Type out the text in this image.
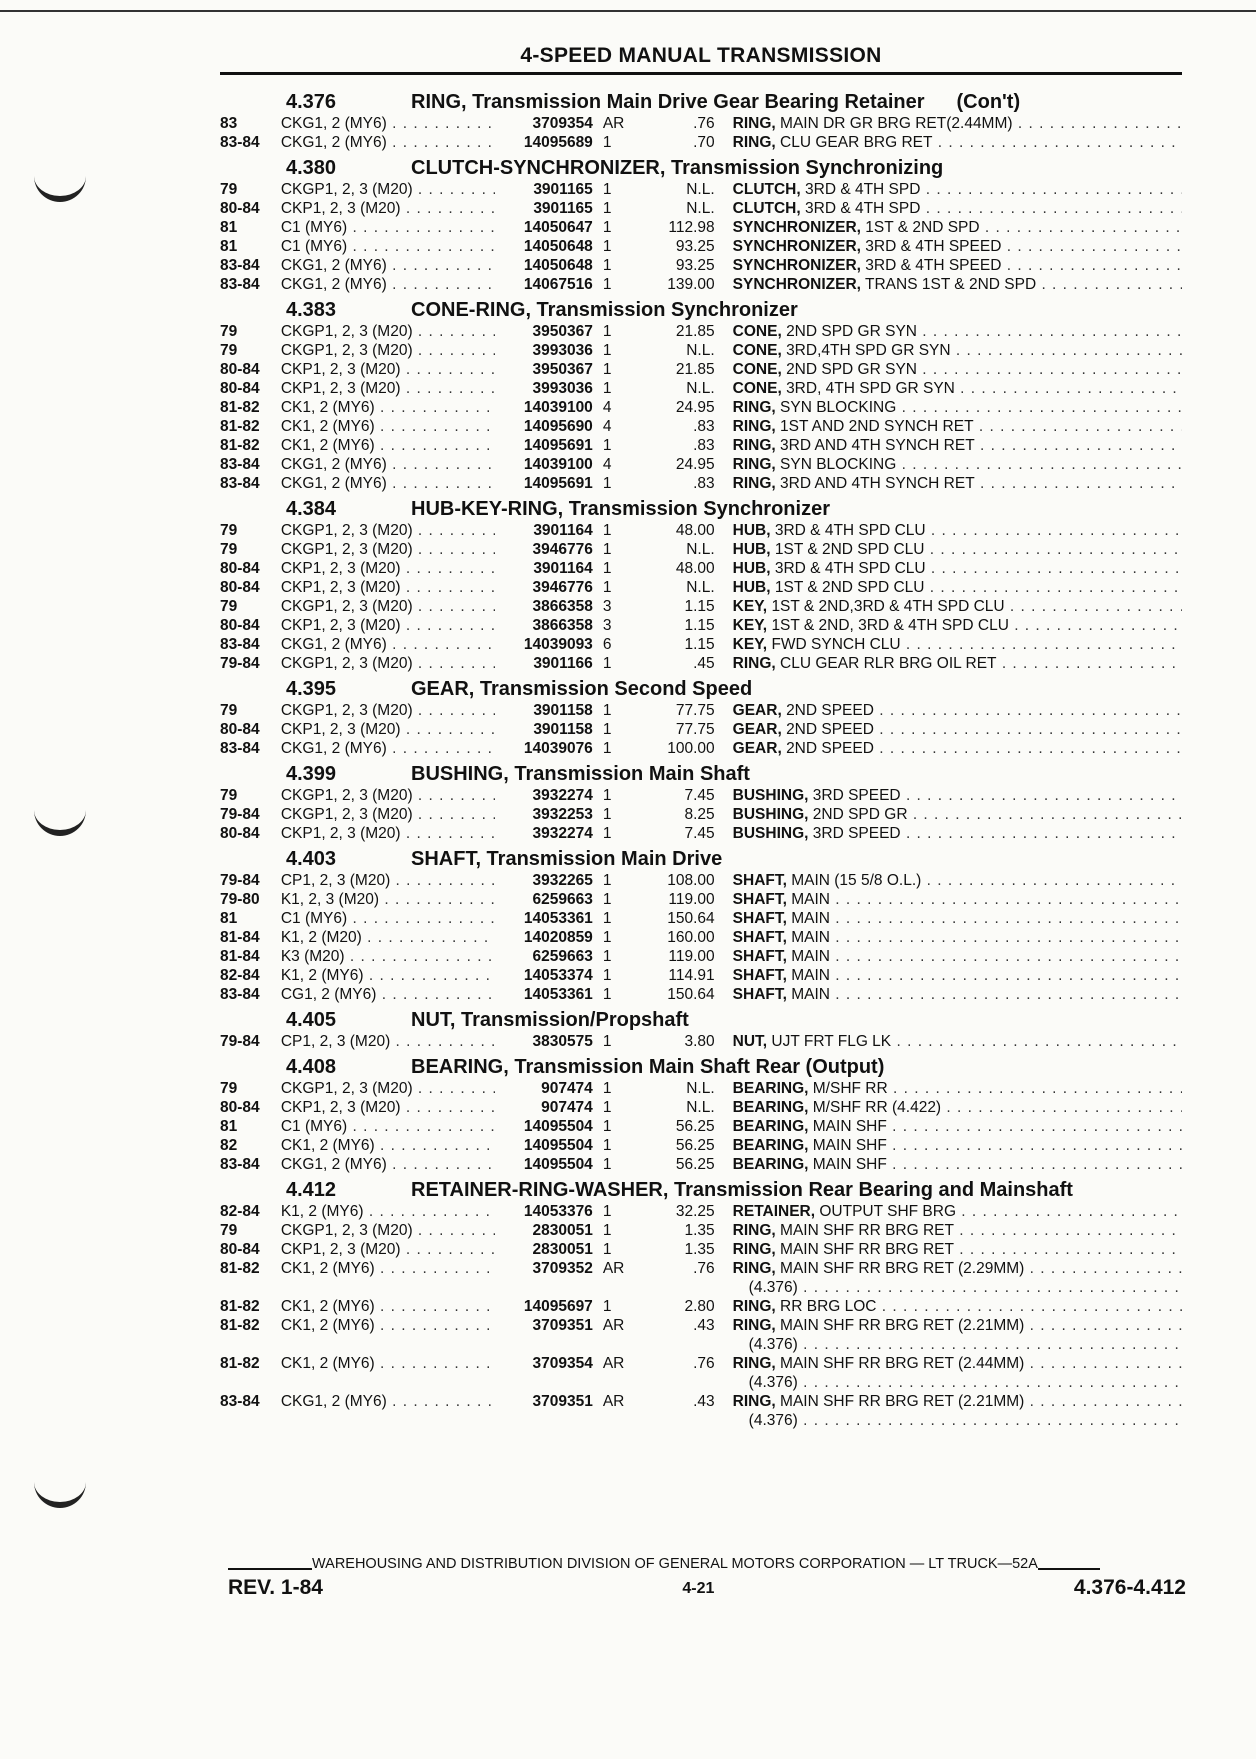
4-SPEED MANUAL TRANSMISSION
4.376	RING, Transmission Main Drive Gear Bearing Retainer (Con't)
83	CKG1, 2 (MY6) . . .	3709354 AR	.76 RING, MAIN DR GR BRG RET(2.44MM) . . .
83-84	CKG1, 2 (MY6) . . .	14095689 1	.70 RING, CLU GEAR BRG RET . . .
4.380	CLUTCH-SYNCHRONIZER, Transmission Synchronizing
79	CKGP1, 2, 3 (M20) . . .	3901165 1	N.L. CLUTCH, 3RD & 4TH SPD . . .
80-84	CKP1, 2, 3 (M20) . . .	3901165 1	N.L. CLUTCH, 3RD & 4TH SPD . . .
81	C1 (MY6) . . .	14050647 1	112.98 SYNCHRONIZER, 1ST & 2ND SPD . . .
81	C1 (MY6) . . .	14050648 1	93.25 SYNCHRONIZER, 3RD & 4TH SPEED . . .
83-84	CKG1, 2 (MY6) . . .	14050648 1	93.25 SYNCHRONIZER, 3RD & 4TH SPEED . . .
83-84	CKG1, 2 (MY6) . . .	14067516 1	139.00 SYNCHRONIZER, TRANS 1ST & 2ND SPD . . .
4.383	CONE-RING, Transmission Synchronizer
79	CKGP1, 2, 3 (M20) . . .	3950367 1	21.85 CONE, 2ND SPD GR SYN . . .
79	CKGP1, 2, 3 (M20) . . .	3993036 1	N.L. CONE, 3RD,4TH SPD GR SYN . . .
80-84	CKP1, 2, 3 (M20) . . .	3950367 1	21.85 CONE, 2ND SPD GR SYN . . .
80-84	CKP1, 2, 3 (M20) . . .	3993036 1	N.L. CONE, 3RD, 4TH SPD GR SYN . . .
81-82	CK1, 2 (MY6) . . .	14039100 4	24.95 RING, SYN BLOCKING . . .
81-82	CK1, 2 (MY6) . . .	14095690 4	.83 RING, 1ST AND 2ND SYNCH RET . . .
81-82	CK1, 2 (MY6) . . .	14095691 1	.83 RING, 3RD AND 4TH SYNCH RET . . .
83-84	CKG1, 2 (MY6) . . .	14039100 4	24.95 RING, SYN BLOCKING . . .
83-84	CKG1, 2 (MY6) . . .	14095691 1	.83 RING, 3RD AND 4TH SYNCH RET . . .
4.384	HUB-KEY-RING, Transmission Synchronizer
79	CKGP1, 2, 3 (M20) . . .	3901164 1	48.00 HUB, 3RD & 4TH SPD CLU . . .
79	CKGP1, 2, 3 (M20) . . .	3946776 1	N.L. HUB, 1ST & 2ND SPD CLU . . .
80-84	CKP1, 2, 3 (M20) . . .	3901164 1	48.00 HUB, 3RD & 4TH SPD CLU . . .
80-84	CKP1, 2, 3 (M20) . . .	3946776 1	N.L. HUB, 1ST & 2ND SPD CLU . . .
79	CKGP1, 2, 3 (M20) . . .	3866358 3	1.15 KEY, 1ST & 2ND,3RD & 4TH SPD CLU . . .
80-84	CKP1, 2, 3 (M20) . . .	3866358 3	1.15 KEY, 1ST & 2ND, 3RD & 4TH SPD CLU . . .
83-84	CKG1, 2 (MY6) . . .	14039093 6	1.15 KEY, FWD SYNCH CLU . . .
79-84	CKGP1, 2, 3 (M20) . . .	3901166 1	.45 RING, CLU GEAR RLR BRG OIL RET . . .
4.395	GEAR, Transmission Second Speed
79	CKGP1, 2, 3 (M20) . . .	3901158 1	77.75 GEAR, 2ND SPEED . . .
80-84	CKP1, 2, 3 (M20) . . .	3901158 1	77.75 GEAR, 2ND SPEED . . .
83-84	CKG1, 2 (MY6) . . .	14039076 1	100.00 GEAR, 2ND SPEED . . .
4.399	BUSHING, Transmission Main Shaft
79	CKGP1, 2, 3 (M20) . . .	3932274 1	7.45 BUSHING, 3RD SPEED . . .
79-84	CKGP1, 2, 3 (M20) . . .	3932253 1	8.25 BUSHING, 2ND SPD GR . . .
80-84	CKP1, 2, 3 (M20) . . .	3932274 1	7.45 BUSHING, 3RD SPEED . . .
4.403	SHAFT, Transmission Main Drive
79-84	CP1, 2, 3 (M20) . . .	3932265 1	108.00 SHAFT, MAIN (15 5/8 O.L.) . . .
79-80	K1, 2, 3 (M20) . . .	6259663 1	119.00 SHAFT, MAIN . . .
81	C1 (MY6) . . .	14053361 1	150.64 SHAFT, MAIN . . .
81-84	K1, 2 (M20) . . .	14020859 1	160.00 SHAFT, MAIN . . .
81-84	K3 (M20) . . .	6259663 1	119.00 SHAFT, MAIN . . .
82-84	K1, 2 (MY6) . . .	14053374 1	114.91 SHAFT, MAIN . . .
83-84	CG1, 2 (MY6) . . .	14053361 1	150.64 SHAFT, MAIN . . .
4.405	NUT, Transmission/Propshaft
79-84	CP1, 2, 3 (M20) . . .	3830575 1	3.80 NUT, UJT FRT FLG LK . . .
4.408	BEARING, Transmission Main Shaft Rear (Output)
79	CKGP1, 2, 3 (M20) . . .	907474 1	N.L. BEARING, M/SHF RR . . .
80-84	CKP1, 2, 3 (M20) . . .	907474 1	N.L. BEARING, M/SHF RR (4.422) . . .
81	C1 (MY6) . . .	14095504 1	56.25 BEARING, MAIN SHF . . .
82	CK1, 2 (MY6) . . .	14095504 1	56.25 BEARING, MAIN SHF . . .
83-84	CKG1, 2 (MY6) . . .	14095504 1	56.25 BEARING, MAIN SHF . . .
4.412	RETAINER-RING-WASHER, Transmission Rear Bearing and Mainshaft
82-84	K1, 2 (MY6) . . .	14053376 1	32.25 RETAINER, OUTPUT SHF BRG . . .
79	CKGP1, 2, 3 (M20) . . .	2830051 1	1.35 RING, MAIN SHF RR BRG RET . . .
80-84	CKP1, 2, 3 (M20) . . .	2830051 1	1.35 RING, MAIN SHF RR BRG RET . . .
81-82	CK1, 2 (MY6) . . .	3709352 AR	.76 RING, MAIN SHF RR BRG RET (2.29MM) . . .
(4.376) . . .
81-82	CK1, 2 (MY6) . . .	14095697 1	2.80 RING, RR BRG LOC . . .
81-82	CK1, 2 (MY6) . . .	3709351 AR	.43 RING, MAIN SHF RR BRG RET (2.21MM) . . .
(4.376) . . .
81-82	CK1, 2 (MY6) . . .	3709354 AR	.76 RING, MAIN SHF RR BRG RET (2.44MM) . . .
(4.376) . . .
83-84	CKG1, 2 (MY6) . . .	3709351 AR	.43 RING, MAIN SHF RR BRG RET (2.21MM) . . .
(4.376) . . .
WAREHOUSING AND DISTRIBUTION DIVISION OF GENERAL MOTORS CORPORATION — LT TRUCK—52A
REV. 1-84	4-21	4.376-4.412
